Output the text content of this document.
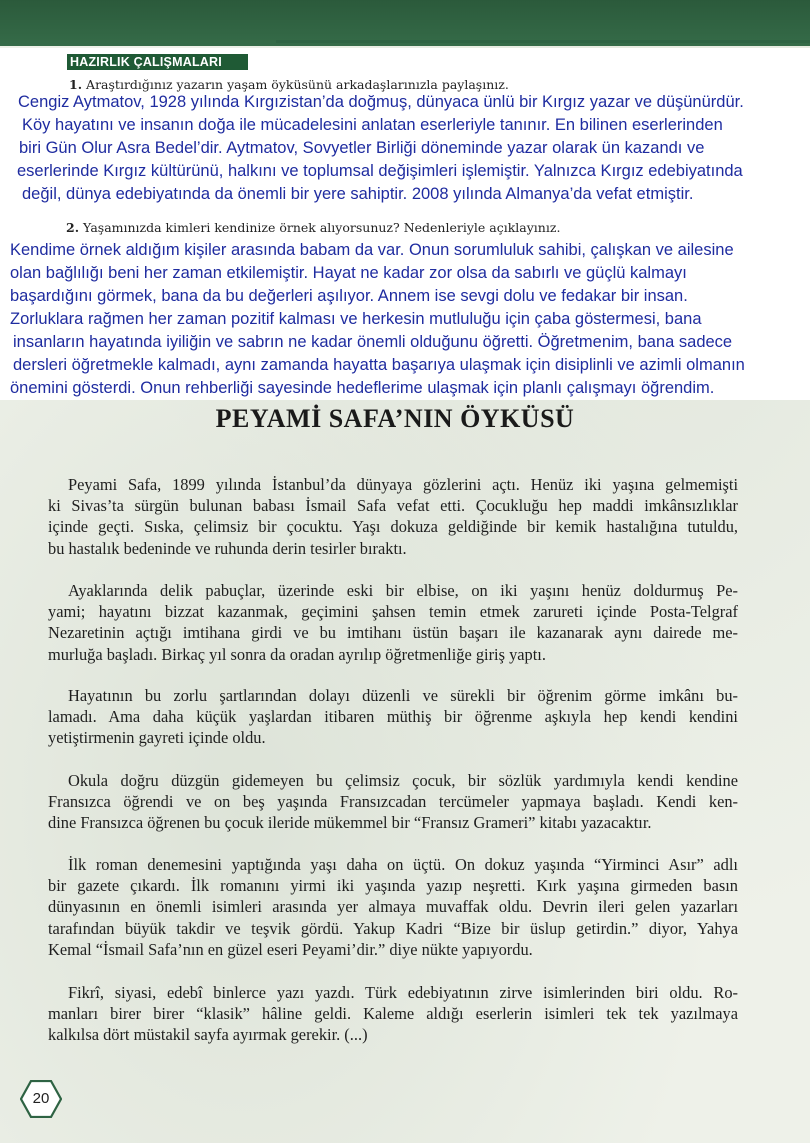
HAZIRLIK ÇALIŞMALARI
1. Araştırdığınız yazarın yaşam öyküsünü arkadaşlarınızla paylaşınız.
Cengiz Aytmatov, 1928 yılında Kırgızistan’da doğmuş, dünyaca ünlü bir Kırgız yazar ve düşünürdür.
Köy hayatını ve insanın doğa ile mücadelesini anlatan eserleriyle tanınır. En bilinen eserlerinden
biri Gün Olur Asra Bedel’dir. Aytmatov, Sovyetler Birliği döneminde yazar olarak ün kazandı ve
eserlerinde Kırgız kültürünü, halkını ve toplumsal değişimleri işlemiştir. Yalnızca Kırgız edebiyatında
değil, dünya edebiyatında da önemli bir yere sahiptir. 2008 yılında Almanya’da vefat etmiştir.
2. Yaşamınızda kimleri kendinize örnek alıyorsunuz? Nedenleriyle açıklayınız.
Kendime örnek aldığım kişiler arasında babam da var. Onun sorumluluk sahibi, çalışkan ve ailesine
olan bağlılığı beni her zaman etkilemiştir. Hayat ne kadar zor olsa da sabırlı ve güçlü kalmayı
başardığını görmek, bana da bu değerleri aşılıyor. Annem ise sevgi dolu ve fedakar bir insan.
Zorluklara rağmen her zaman pozitif kalması ve herkesin mutluluğu için çaba göstermesi, bana
insanların hayatında iyiliğin ve sabrın ne kadar önemli olduğunu öğretti. Öğretmenim, bana sadece
dersleri öğretmekle kalmadı, aynı zamanda hayatta başarıya ulaşmak için disiplinli ve azimli olmanın
önemini gösterdi. Onun rehberliği sayesinde hedeflerime ulaşmak için planlı çalışmayı öğrendim.
PEYAMİ SAFA’NIN ÖYKÜSÜ
Peyami Safa, 1899 yılında İstanbul’da dünyaya gözlerini açtı. Henüz iki yaşına gelmemişti
ki Sivas’ta sürgün bulunan babası İsmail Safa vefat etti. Çocukluğu hep maddi imkânsızlıklar
içinde geçti. Sıska, çelimsiz bir çocuktu. Yaşı dokuza geldiğinde bir kemik hastalığına tutuldu,
bu hastalık bedeninde ve ruhunda derin tesirler bıraktı.
Ayaklarında delik pabuçlar, üzerinde eski bir elbise, on iki yaşını henüz doldurmuş Pe-
yami; hayatını bizzat kazanmak, geçimini şahsen temin etmek zarureti içinde Posta-Telgraf
Nezaretinin açtığı imtihana girdi ve bu imtihanı üstün başarı ile kazanarak aynı dairede me-
murluğa başladı. Birkaç yıl sonra da oradan ayrılıp öğretmenliğe giriş yaptı.
Hayatının bu zorlu şartlarından dolayı düzenli ve sürekli bir öğrenim görme imkânı bu-
lamadı. Ama daha küçük yaşlardan itibaren müthiş bir öğrenme aşkıyla hep kendi kendini
yetiştirmenin gayreti içinde oldu.
Okula doğru düzgün gidemeyen bu çelimsiz çocuk, bir sözlük yardımıyla kendi kendine
Fransızca öğrendi ve on beş yaşında Fransızcadan tercümeler yapmaya başladı. Kendi ken-
dine Fransızca öğrenen bu çocuk ileride mükemmel bir “Fransız Grameri” kitabı yazacaktır.
İlk roman denemesini yaptığında yaşı daha on üçtü. On dokuz yaşında “Yirminci Asır” adlı
bir gazete çıkardı. İlk romanını yirmi iki yaşında yazıp neşretti. Kırk yaşına girmeden basın
dünyasının en önemli isimleri arasında yer almaya muvaffak oldu. Devrin ileri gelen yazarları
tarafından büyük takdir ve teşvik gördü. Yakup Kadri “Bize bir üslup getirdin.” diyor, Yahya
Kemal “İsmail Safa’nın en güzel eseri Peyami’dir.” diye nükte yapıyordu.
Fikrî, siyasi, edebî binlerce yazı yazdı. Türk edebiyatının zirve isimlerinden biri oldu. Ro-
manları birer birer “klasik” hâline geldi. Kaleme aldığı eserlerin isimleri tek tek yazılmaya
kalkılsa dört müstakil sayfa ayırmak gerekir. (...)
20
